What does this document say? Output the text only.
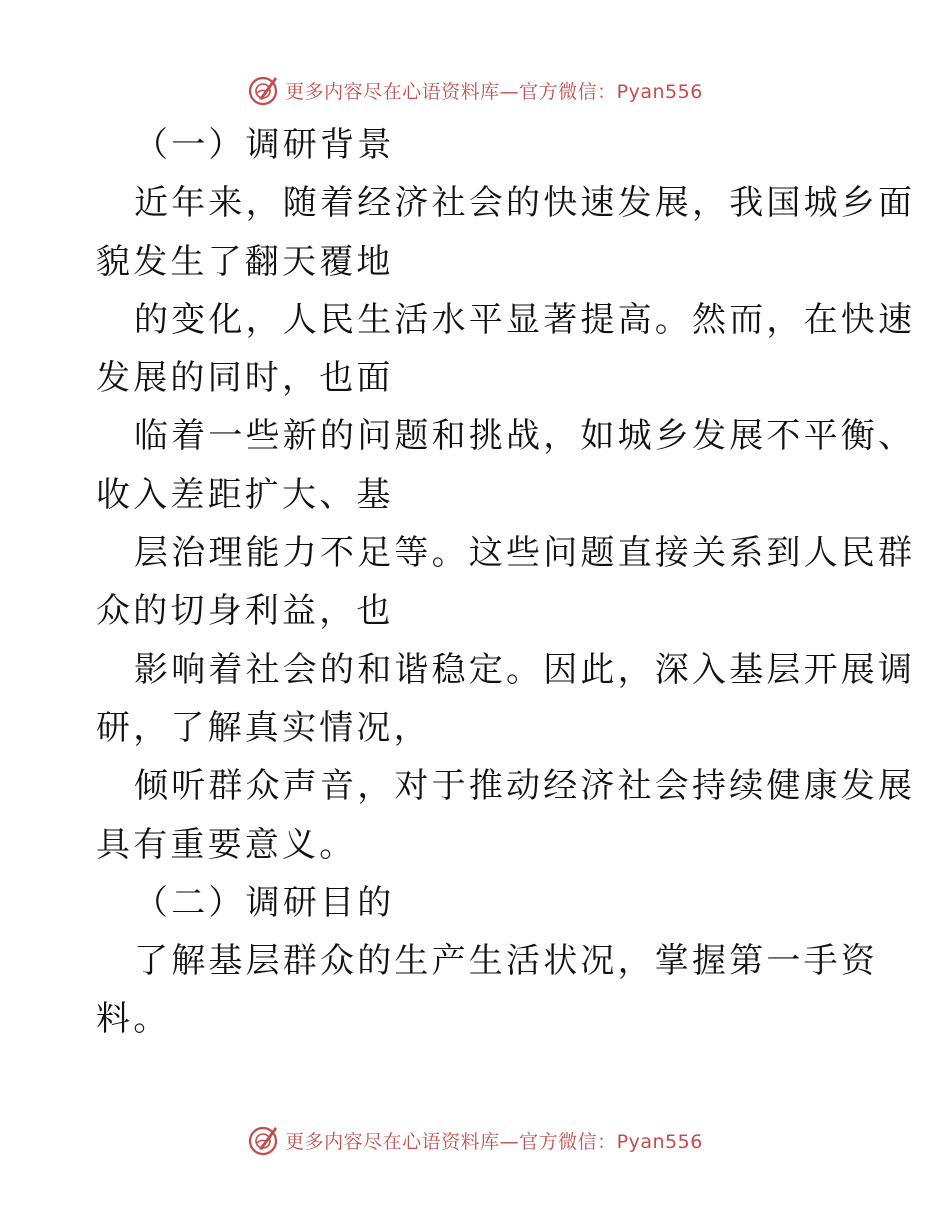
更多内容尽在心语资料库—官方微信：Pyan556
（一）调研背景
近年来，随着经济社会的快速发展，我国城乡面
貌发生了翻天覆地
的变化，人民生活水平显著提高。然而，在快速
发展的同时，也面
临着一些新的问题和挑战，如城乡发展不平衡、
收入差距扩大、基
层治理能力不足等。这些问题直接关系到人民群
众的切身利益，也
影响着社会的和谐稳定。因此，深入基层开展调
研，了解真实情况，
倾听群众声音，对于推动经济社会持续健康发展
具有重要意义。
（二）调研目的
了解基层群众的生产生活状况，掌握第一手资
料。
更多内容尽在心语资料库—官方微信：Pyan556
